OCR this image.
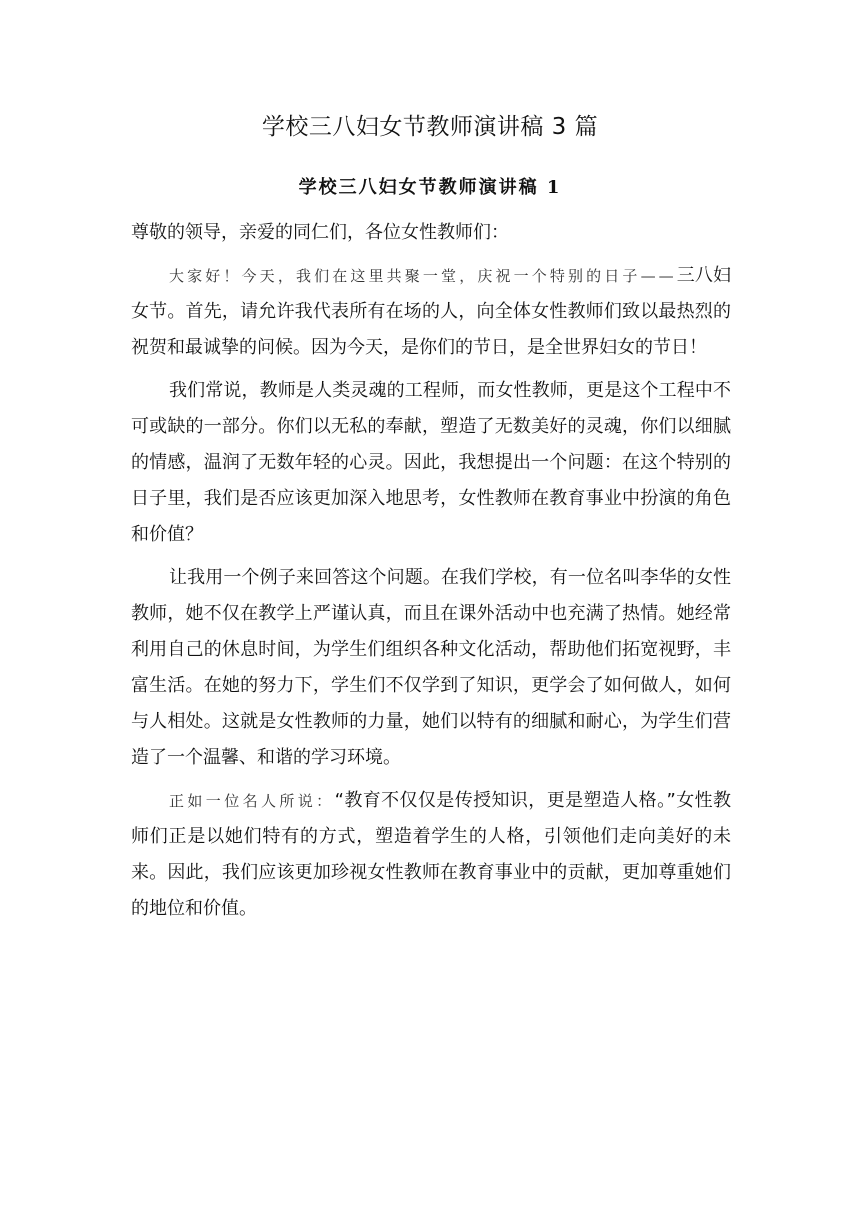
学校三八妇女节教师演讲稿 3 篇
学校三八妇女节教师演讲稿 1

尊敬的领导，亲爱的同仁们，各位女性教师们：

大家好！今天，我们在这里共聚一堂，庆祝一个特别的日子——三八妇女节。首先，请允许我代表所有在场的人，向全体女性教师们致以最热烈的祝贺和最诚挚的问候。因为今天，是你们的节日，是全世界妇女的节日！

我们常说，教师是人类灵魂的工程师，而女性教师，更是这个工程中不可或缺的一部分。你们以无私的奉献，塑造了无数美好的灵魂，你们以细腻的情感，温润了无数年轻的心灵。因此，我想提出一个问题：在这个特别的日子里，我们是否应该更加深入地思考，女性教师在教育事业中扮演的角色和价值？

让我用一个例子来回答这个问题。在我们学校，有一位名叫李华的女性教师，她不仅在教学上严谨认真，而且在课外活动中也充满了热情。她经常利用自己的休息时间，为学生们组织各种文化活动，帮助他们拓宽视野，丰富生活。在她的努力下，学生们不仅学到了知识，更学会了如何做人，如何与人相处。这就是女性教师的力量，她们以特有的细腻和耐心，为学生们营造了一个温馨、和谐的学习环境。

正如一位名人所说：“教育不仅仅是传授知识，更是塑造人格。”女性教师们正是以她们特有的方式，塑造着学生的人格，引领他们走向美好的未来。因此，我们应该更加珍视女性教师在教育事业中的贡献，更加尊重她们的地位和价值。
